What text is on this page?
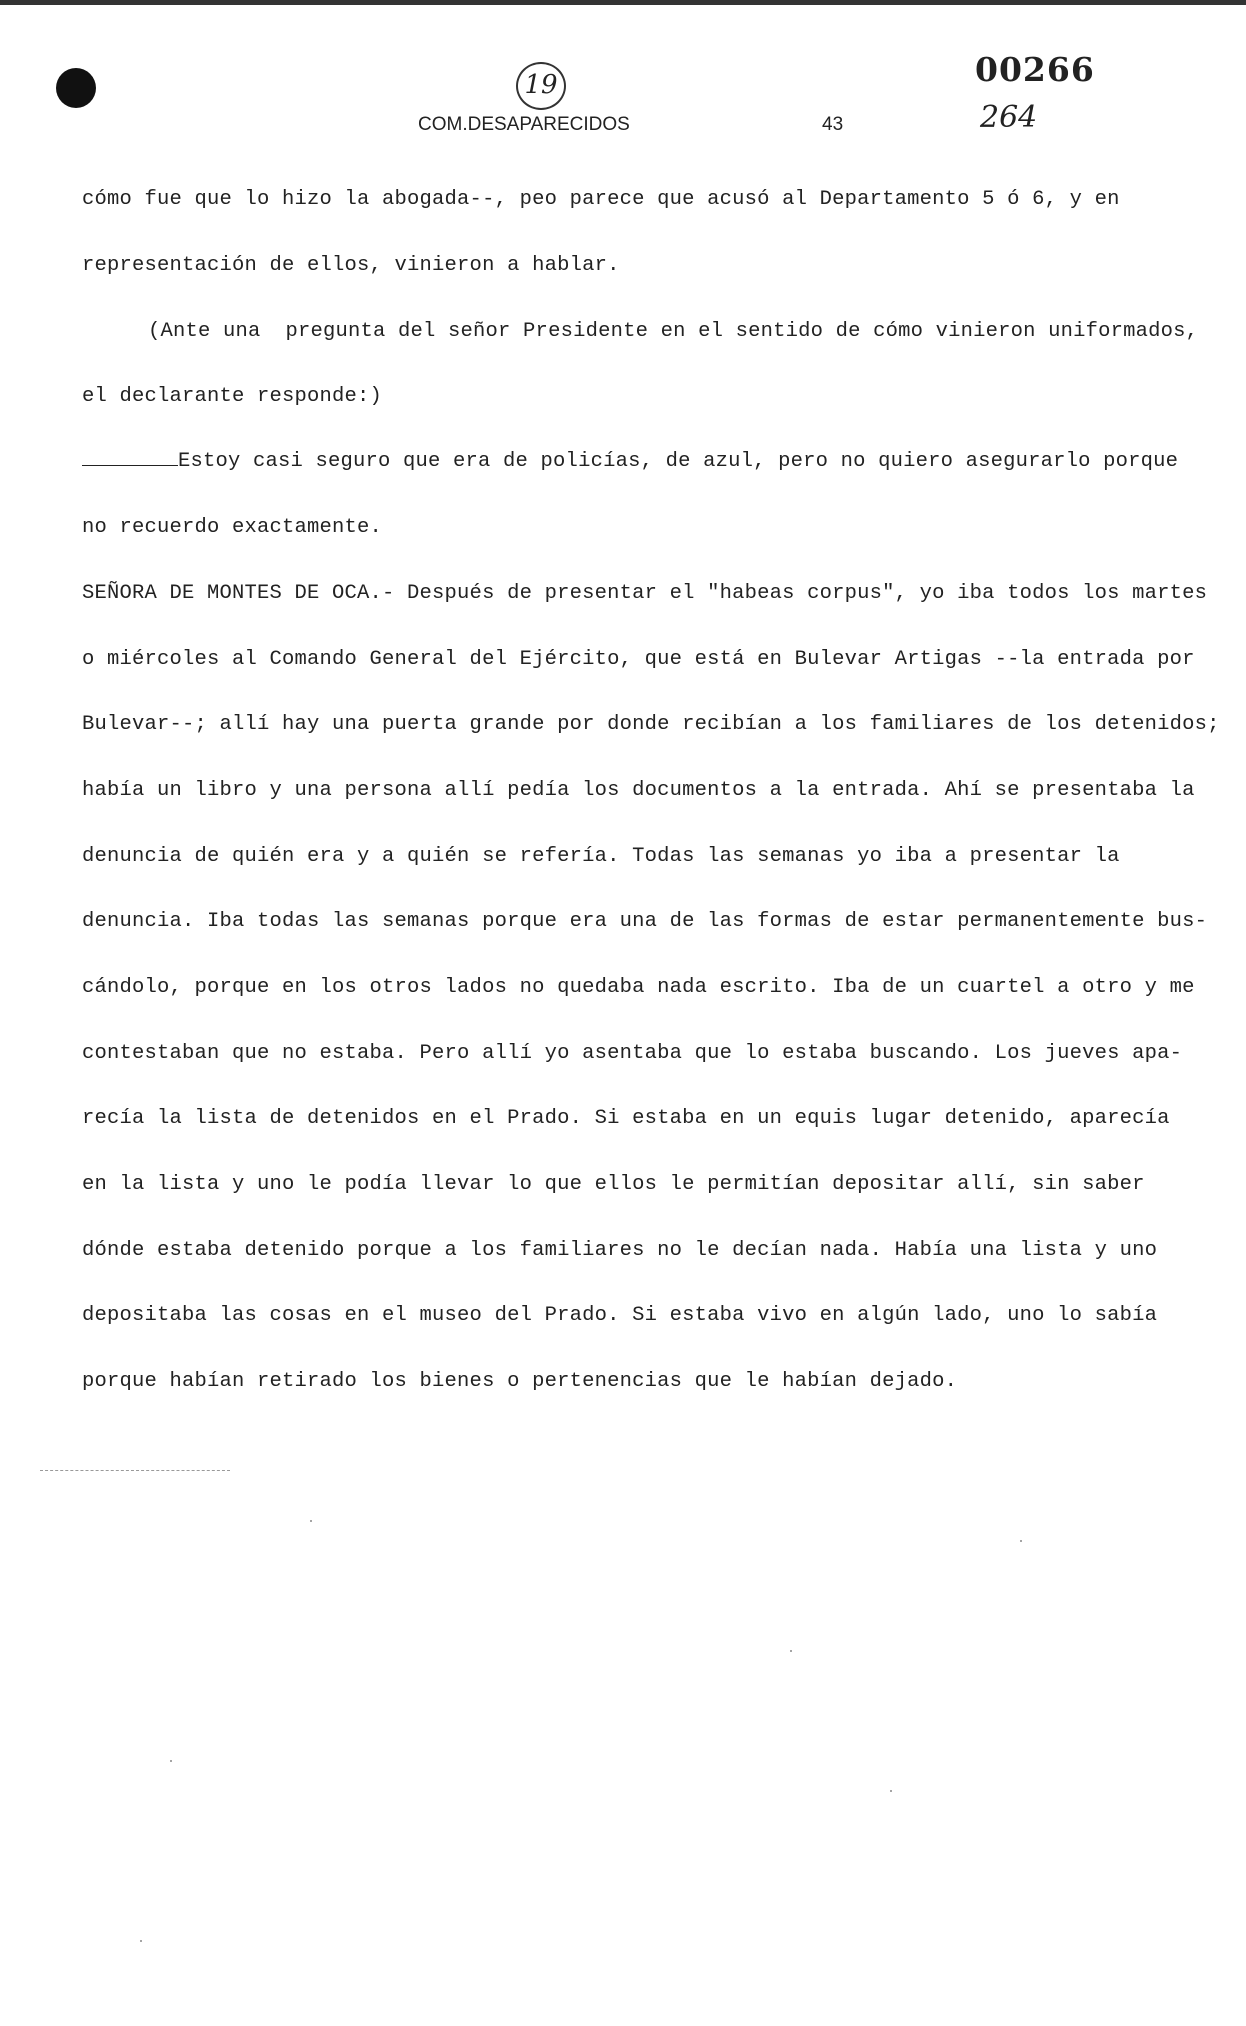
19	00266
264
COM.DESAPARECIDOS	43
cómo fue que lo hizo la abogada--, peo parece que acusó al Departamento 5 ó 6, y en
representación de ellos, vinieron a hablar.
(Ante una  pregunta del señor Presidente en el sentido de cómo vinieron uniformados,
el declarante responde:)
Estoy casi seguro que era de policías, de azul, pero no quiero asegurarlo porque
no recuerdo exactamente.
SEÑORA DE MONTES DE OCA.- Después de presentar el "habeas corpus", yo iba todos los martes
o miércoles al Comando General del Ejército, que está en Bulevar Artigas --la entrada por
Bulevar--; allí hay una puerta grande por donde recibían a los familiares de los detenidos;
había un libro y una persona allí pedía los documentos a la entrada. Ahí se presentaba la
denuncia de quién era y a quién se refería. Todas las semanas yo iba a presentar la
denuncia. Iba todas las semanas porque era una de las formas de estar permanentemente bus-
cándolo, porque en los otros lados no quedaba nada escrito. Iba de un cuartel a otro y me
contestaban que no estaba. Pero allí yo asentaba que lo estaba buscando. Los jueves apa-
recía la lista de detenidos en el Prado. Si estaba en un equis lugar detenido, aparecía
en la lista y uno le podía llevar lo que ellos le permitían depositar allí, sin saber
dónde estaba detenido porque a los familiares no le decían nada. Había una lista y uno
depositaba las cosas en el museo del Prado. Si estaba vivo en algún lado, uno lo sabía
porque habían retirado los bienes o pertenencias que le habían dejado.
